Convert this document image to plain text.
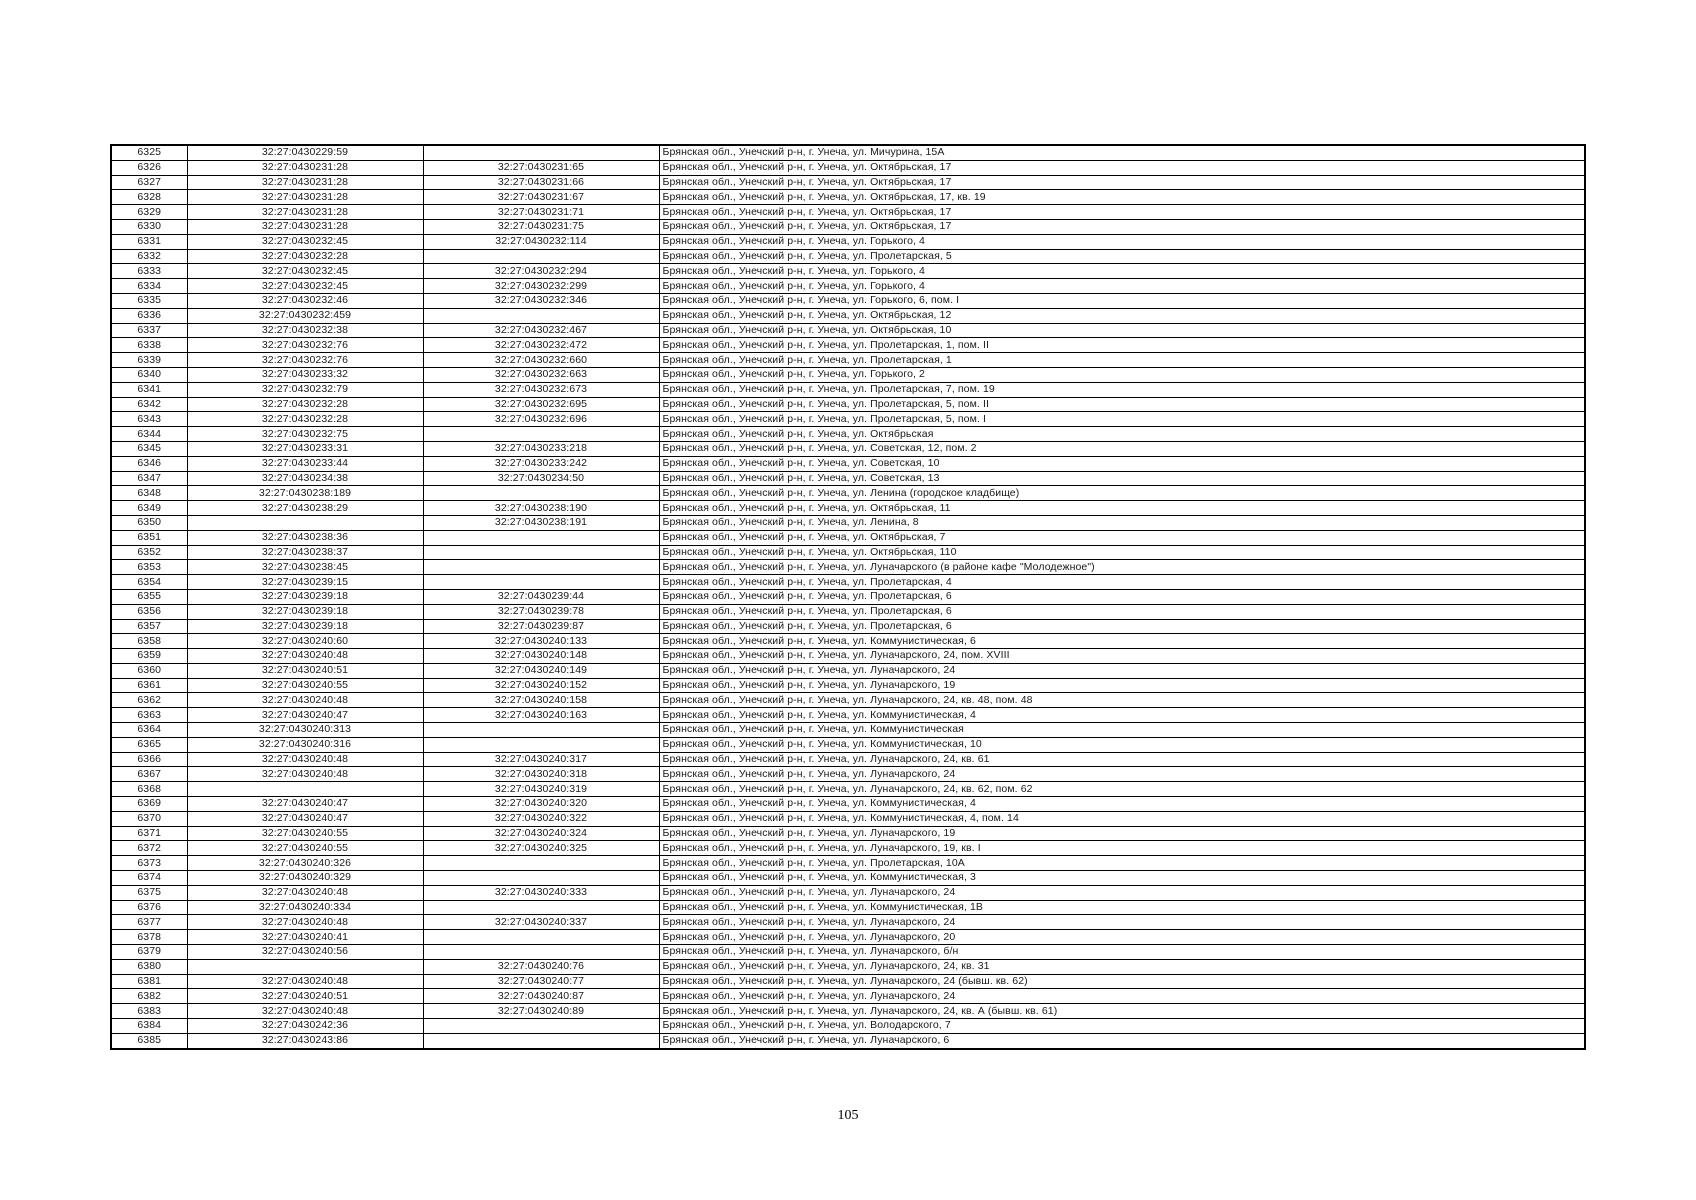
6325	32:27:0430229:59		Брянская обл., Унечский р-н, г. Унеча, ул. Мичурина, 15А
6326	32:27:0430231:28	32:27:0430231:65	Брянская обл., Унечский р-н, г. Унеча, ул. Октябрьская, 17
6327	32:27:0430231:28	32:27:0430231:66	Брянская обл., Унечский р-н, г. Унеча, ул. Октябрьская, 17
6328	32:27:0430231:28	32:27:0430231:67	Брянская обл., Унечский р-н, г. Унеча, ул. Октябрьская, 17, кв. 19
6329	32:27:0430231:28	32:27:0430231:71	Брянская обл., Унечский р-н, г. Унеча, ул. Октябрьская, 17
6330	32:27:0430231:28	32:27:0430231:75	Брянская обл., Унечский р-н, г. Унеча, ул. Октябрьская, 17
6331	32:27:0430232:45	32:27:0430232:114	Брянская обл., Унечский р-н, г. Унеча, ул. Горького, 4
6332	32:27:0430232:28		Брянская обл., Унечский р-н, г. Унеча, ул. Пролетарская, 5
6333	32:27:0430232:45	32:27:0430232:294	Брянская обл., Унечский р-н, г. Унеча, ул. Горького, 4
6334	32:27:0430232:45	32:27:0430232:299	Брянская обл., Унечский р-н, г. Унеча, ул. Горького, 4
6335	32:27:0430232:46	32:27:0430232:346	Брянская обл., Унечский р-н, г. Унеча, ул. Горького, 6, пом. I
6336	32:27:0430232:459		Брянская обл., Унечский р-н, г. Унеча, ул. Октябрьская, 12
6337	32:27:0430232:38	32:27:0430232:467	Брянская обл., Унечский р-н, г. Унеча, ул. Октябрьская, 10
6338	32:27:0430232:76	32:27:0430232:472	Брянская обл., Унечский р-н, г. Унеча, ул. Пролетарская, 1, пом. II
6339	32:27:0430232:76	32:27:0430232:660	Брянская обл., Унечский р-н, г. Унеча, ул. Пролетарская, 1
6340	32:27:0430233:32	32:27:0430232:663	Брянская обл., Унечский р-н, г. Унеча, ул. Горького, 2
6341	32:27:0430232:79	32:27:0430232:673	Брянская обл., Унечский р-н, г. Унеча, ул. Пролетарская, 7, пом. 19
6342	32:27:0430232:28	32:27:0430232:695	Брянская обл., Унечский р-н, г. Унеча, ул. Пролетарская, 5, пом. II
6343	32:27:0430232:28	32:27:0430232:696	Брянская обл., Унечский р-н, г. Унеча, ул. Пролетарская, 5, пом. I
6344	32:27:0430232:75		Брянская обл., Унечский р-н, г. Унеча, ул. Октябрьская
6345	32:27:0430233:31	32:27:0430233:218	Брянская обл., Унечский р-н, г. Унеча, ул. Советская, 12, пом. 2
6346	32:27:0430233:44	32:27:0430233:242	Брянская обл., Унечский р-н, г. Унеча, ул. Советская, 10
6347	32:27:0430234:38	32:27:0430234:50	Брянская обл., Унечский р-н, г. Унеча, ул. Советская, 13
6348	32:27:0430238:189		Брянская обл., Унечский р-н, г. Унеча, ул. Ленина (городское кладбище)
6349	32:27:0430238:29	32:27:0430238:190	Брянская обл., Унечский р-н, г. Унеча, ул. Октябрьская, 11
6350		32:27:0430238:191	Брянская обл., Унечский р-н, г. Унеча, ул. Ленина, 8
6351	32:27:0430238:36		Брянская обл., Унечский р-н, г. Унеча, ул. Октябрьская, 7
6352	32:27:0430238:37		Брянская обл., Унечский р-н, г. Унеча, ул. Октябрьская, 110
6353	32:27:0430238:45		Брянская обл., Унечский р-н, г. Унеча, ул. Луначарского (в районе кафе "Молодежное")
6354	32:27:0430239:15		Брянская обл., Унечский р-н, г. Унеча, ул. Пролетарская, 4
6355	32:27:0430239:18	32:27:0430239:44	Брянская обл., Унечский р-н, г. Унеча, ул. Пролетарская, 6
6356	32:27:0430239:18	32:27:0430239:78	Брянская обл., Унечский р-н, г. Унеча, ул. Пролетарская, 6
6357	32:27:0430239:18	32:27:0430239:87	Брянская обл., Унечский р-н, г. Унеча, ул. Пролетарская, 6
6358	32:27:0430240:60	32:27:0430240:133	Брянская обл., Унечский р-н, г. Унеча, ул. Коммунистическая, 6
6359	32:27:0430240:48	32:27:0430240:148	Брянская обл., Унечский р-н, г. Унеча, ул. Луначарского, 24, пом. XVIII
6360	32:27:0430240:51	32:27:0430240:149	Брянская обл., Унечский р-н, г. Унеча, ул. Луначарского, 24
6361	32:27:0430240:55	32:27:0430240:152	Брянская обл., Унечский р-н, г. Унеча, ул. Луначарского, 19
6362	32:27:0430240:48	32:27:0430240:158	Брянская обл., Унечский р-н, г. Унеча, ул. Луначарского, 24, кв. 48, пом. 48
6363	32:27:0430240:47	32:27:0430240:163	Брянская обл., Унечский р-н, г. Унеча, ул. Коммунистическая, 4
6364	32:27:0430240:313		Брянская обл., Унечский р-н, г. Унеча, ул. Коммунистическая
6365	32:27:0430240:316		Брянская обл., Унечский р-н, г. Унеча, ул. Коммунистическая, 10
6366	32:27:0430240:48	32:27:0430240:317	Брянская обл., Унечский р-н, г. Унеча, ул. Луначарского, 24, кв. 61
6367	32:27:0430240:48	32:27:0430240:318	Брянская обл., Унечский р-н, г. Унеча, ул. Луначарского, 24
6368		32:27:0430240:319	Брянская обл., Унечский р-н, г. Унеча, ул. Луначарского, 24, кв. 62, пом. 62
6369	32:27:0430240:47	32:27:0430240:320	Брянская обл., Унечский р-н, г. Унеча, ул. Коммунистическая, 4
6370	32:27:0430240:47	32:27:0430240:322	Брянская обл., Унечский р-н, г. Унеча, ул. Коммунистическая, 4, пом. 14
6371	32:27:0430240:55	32:27:0430240:324	Брянская обл., Унечский р-н, г. Унеча, ул. Луначарского, 19
6372	32:27:0430240:55	32:27:0430240:325	Брянская обл., Унечский р-н, г. Унеча, ул. Луначарского, 19, кв. I
6373	32:27:0430240:326		Брянская обл., Унечский р-н, г. Унеча, ул. Пролетарская, 10А
6374	32:27:0430240:329		Брянская обл., Унечский р-н, г. Унеча, ул. Коммунистическая, 3
6375	32:27:0430240:48	32:27:0430240:333	Брянская обл., Унечский р-н, г. Унеча, ул. Луначарского, 24
6376	32:27:0430240:334		Брянская обл., Унечский р-н, г. Унеча, ул. Коммунистическая, 1В
6377	32:27:0430240:48	32:27:0430240:337	Брянская обл., Унечский р-н, г. Унеча, ул. Луначарского, 24
6378	32:27:0430240:41		Брянская обл., Унечский р-н, г. Унеча, ул. Луначарского, 20
6379	32:27:0430240:56		Брянская обл., Унечский р-н, г. Унеча, ул. Луначарского, б/н
6380		32:27:0430240:76	Брянская обл., Унечский р-н, г. Унеча, ул. Луначарского, 24, кв. 31
6381	32:27:0430240:48	32:27:0430240:77	Брянская обл., Унечский р-н, г. Унеча, ул. Луначарского, 24 (бывш. кв. 62)
6382	32:27:0430240:51	32:27:0430240:87	Брянская обл., Унечский р-н, г. Унеча, ул. Луначарского, 24
6383	32:27:0430240:48	32:27:0430240:89	Брянская обл., Унечский р-н, г. Унеча, ул. Луначарского, 24, кв. А (бывш. кв. 61)
6384	32:27:0430242:36		Брянская обл., Унечский р-н, г. Унеча, ул. Володарского, 7
6385	32:27:0430243:86		Брянская обл., Унечский р-н, г. Унеча, ул. Луначарского, 6
105
